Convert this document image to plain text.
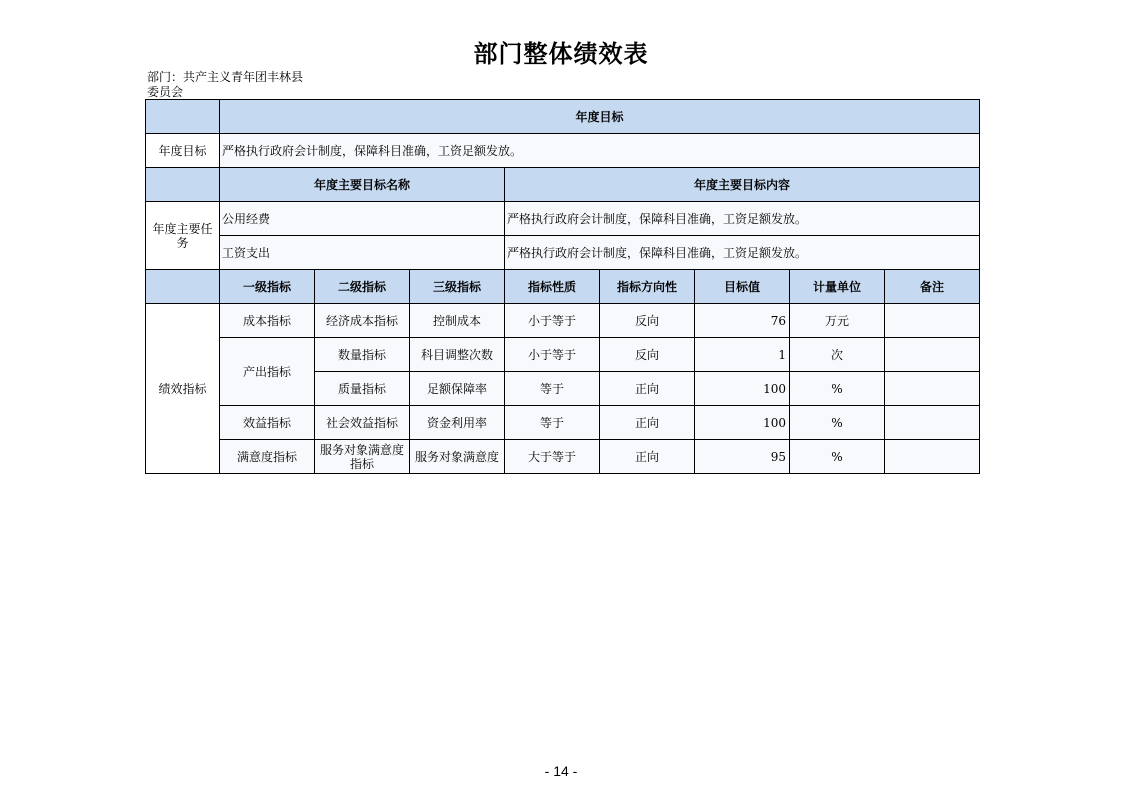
部门整体绩效表
部门：共产主义青年团丰林县
委员会
	年度目标							
年度目标	严格执行政府会计制度，保障科目准确，工资足额发放。							
	年度主要目标名称			年度主要目标内容				
年度主要任务	公用经费			严格执行政府会计制度，保障科目准确，工资足额发放。				
	工资支出			严格执行政府会计制度，保障科目准确，工资足额发放。				
	一级指标	二级指标	三级指标	指标性质	指标方向性	目标值	计量单位	备注
绩效指标	成本指标	经济成本指标	控制成本	小于等于	反向	76	万元	
	产出指标	数量指标	科目调整次数	小于等于	反向	1	次	
		质量指标	足额保障率	等于	正向	100	%	
	效益指标	社会效益指标	资金利用率	等于	正向	100	%	
	满意度指标	服务对象满意度指标	服务对象满意度	大于等于	正向	95	%	
- 14 -
